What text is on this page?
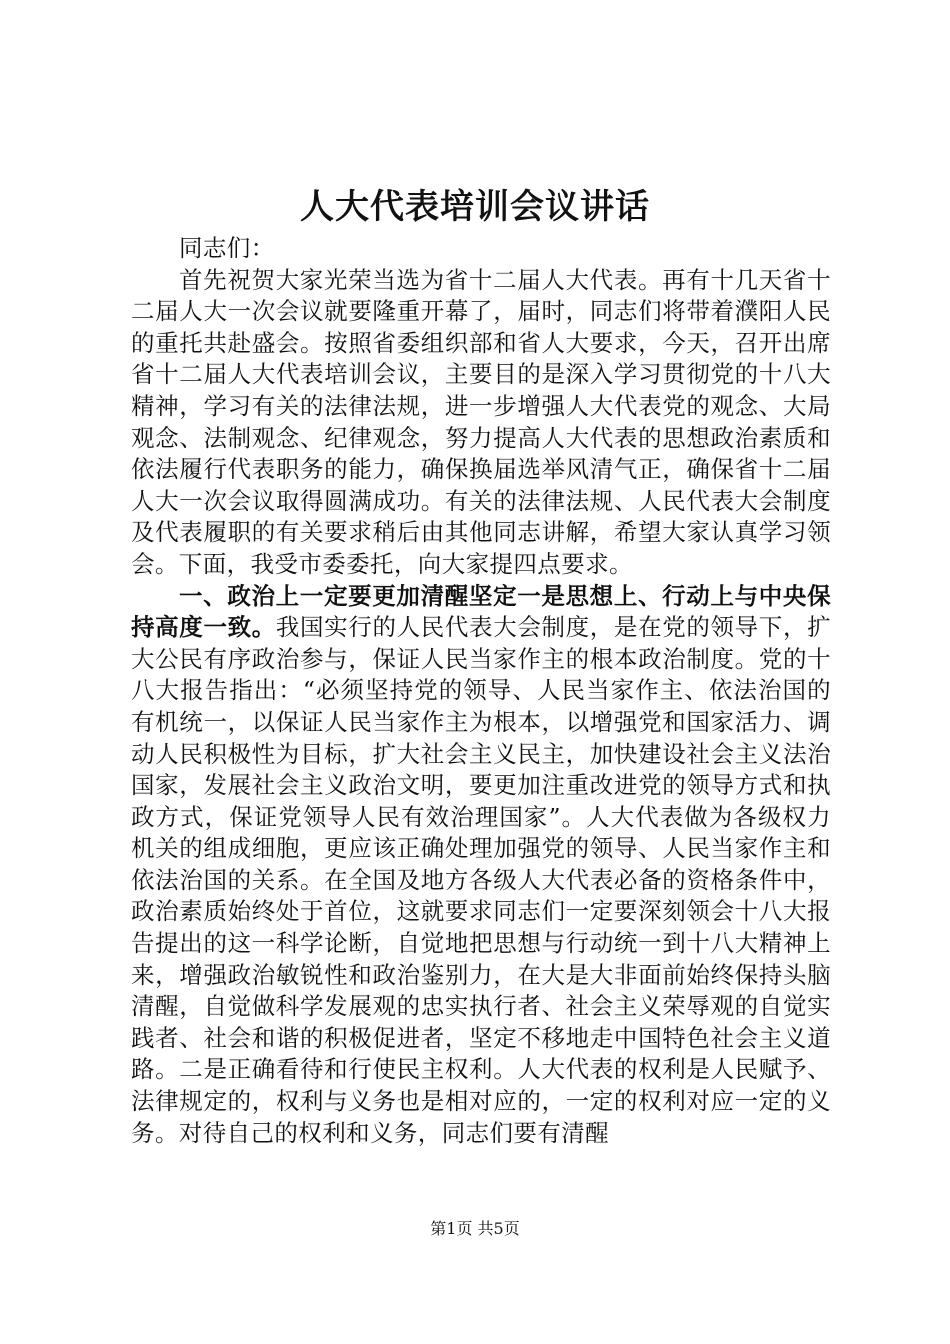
人大代表培训会议讲话

同志们：

首先祝贺大家光荣当选为省十二届人大代表。再有十几天省十二届人大一次会议就要隆重开幕了，届时，同志们将带着濮阳人民的重托共赴盛会。按照省委组织部和省人大要求，今天，召开出席省十二届人大代表培训会议，主要目的是深入学习贯彻党的十八大精神，学习有关的法律法规，进一步增强人大代表党的观念、大局观念、法制观念、纪律观念，努力提高人大代表的思想政治素质和依法履行代表职务的能力，确保换届选举风清气正，确保省十二届人大一次会议取得圆满成功。有关的法律法规、人民代表大会制度及代表履职的有关要求稍后由其他同志讲解，希望大家认真学习领会。下面，我受市委委托，向大家提四点要求。

一、政治上一定要更加清醒坚定一是思想上、行动上与中央保持高度一致。我国实行的人民代表大会制度，是在党的领导下，扩大公民有序政治参与，保证人民当家作主的根本政治制度。党的十八大报告指出：“必须坚持党的领导、人民当家作主、依法治国的有机统一，以保证人民当家作主为根本，以增强党和国家活力、调动人民积极性为目标，扩大社会主义民主，加快建设社会主义法治国家，发展社会主义政治文明，要更加注重改进党的领导方式和执政方式，保证党领导人民有效治理国家”。人大代表做为各级权力机关的组成细胞，更应该正确处理加强党的领导、人民当家作主和依法治国的关系。在全国及地方各级人大代表必备的资格条件中，政治素质始终处于首位，这就要求同志们一定要深刻领会十八大报告提出的这一科学论断，自觉地把思想与行动统一到十八大精神上来，增强政治敏锐性和政治鉴别力，在大是大非面前始终保持头脑清醒，自觉做科学发展观的忠实执行者、社会主义荣辱观的自觉实践者、社会和谐的积极促进者，坚定不移地走中国特色社会主义道路。二是正确看待和行使民主权利。人大代表的权利是人民赋予、法律规定的，权利与义务也是相对应的，一定的权利对应一定的义务。对待自己的权利和义务，同志们要有清醒

第1页 共5页
